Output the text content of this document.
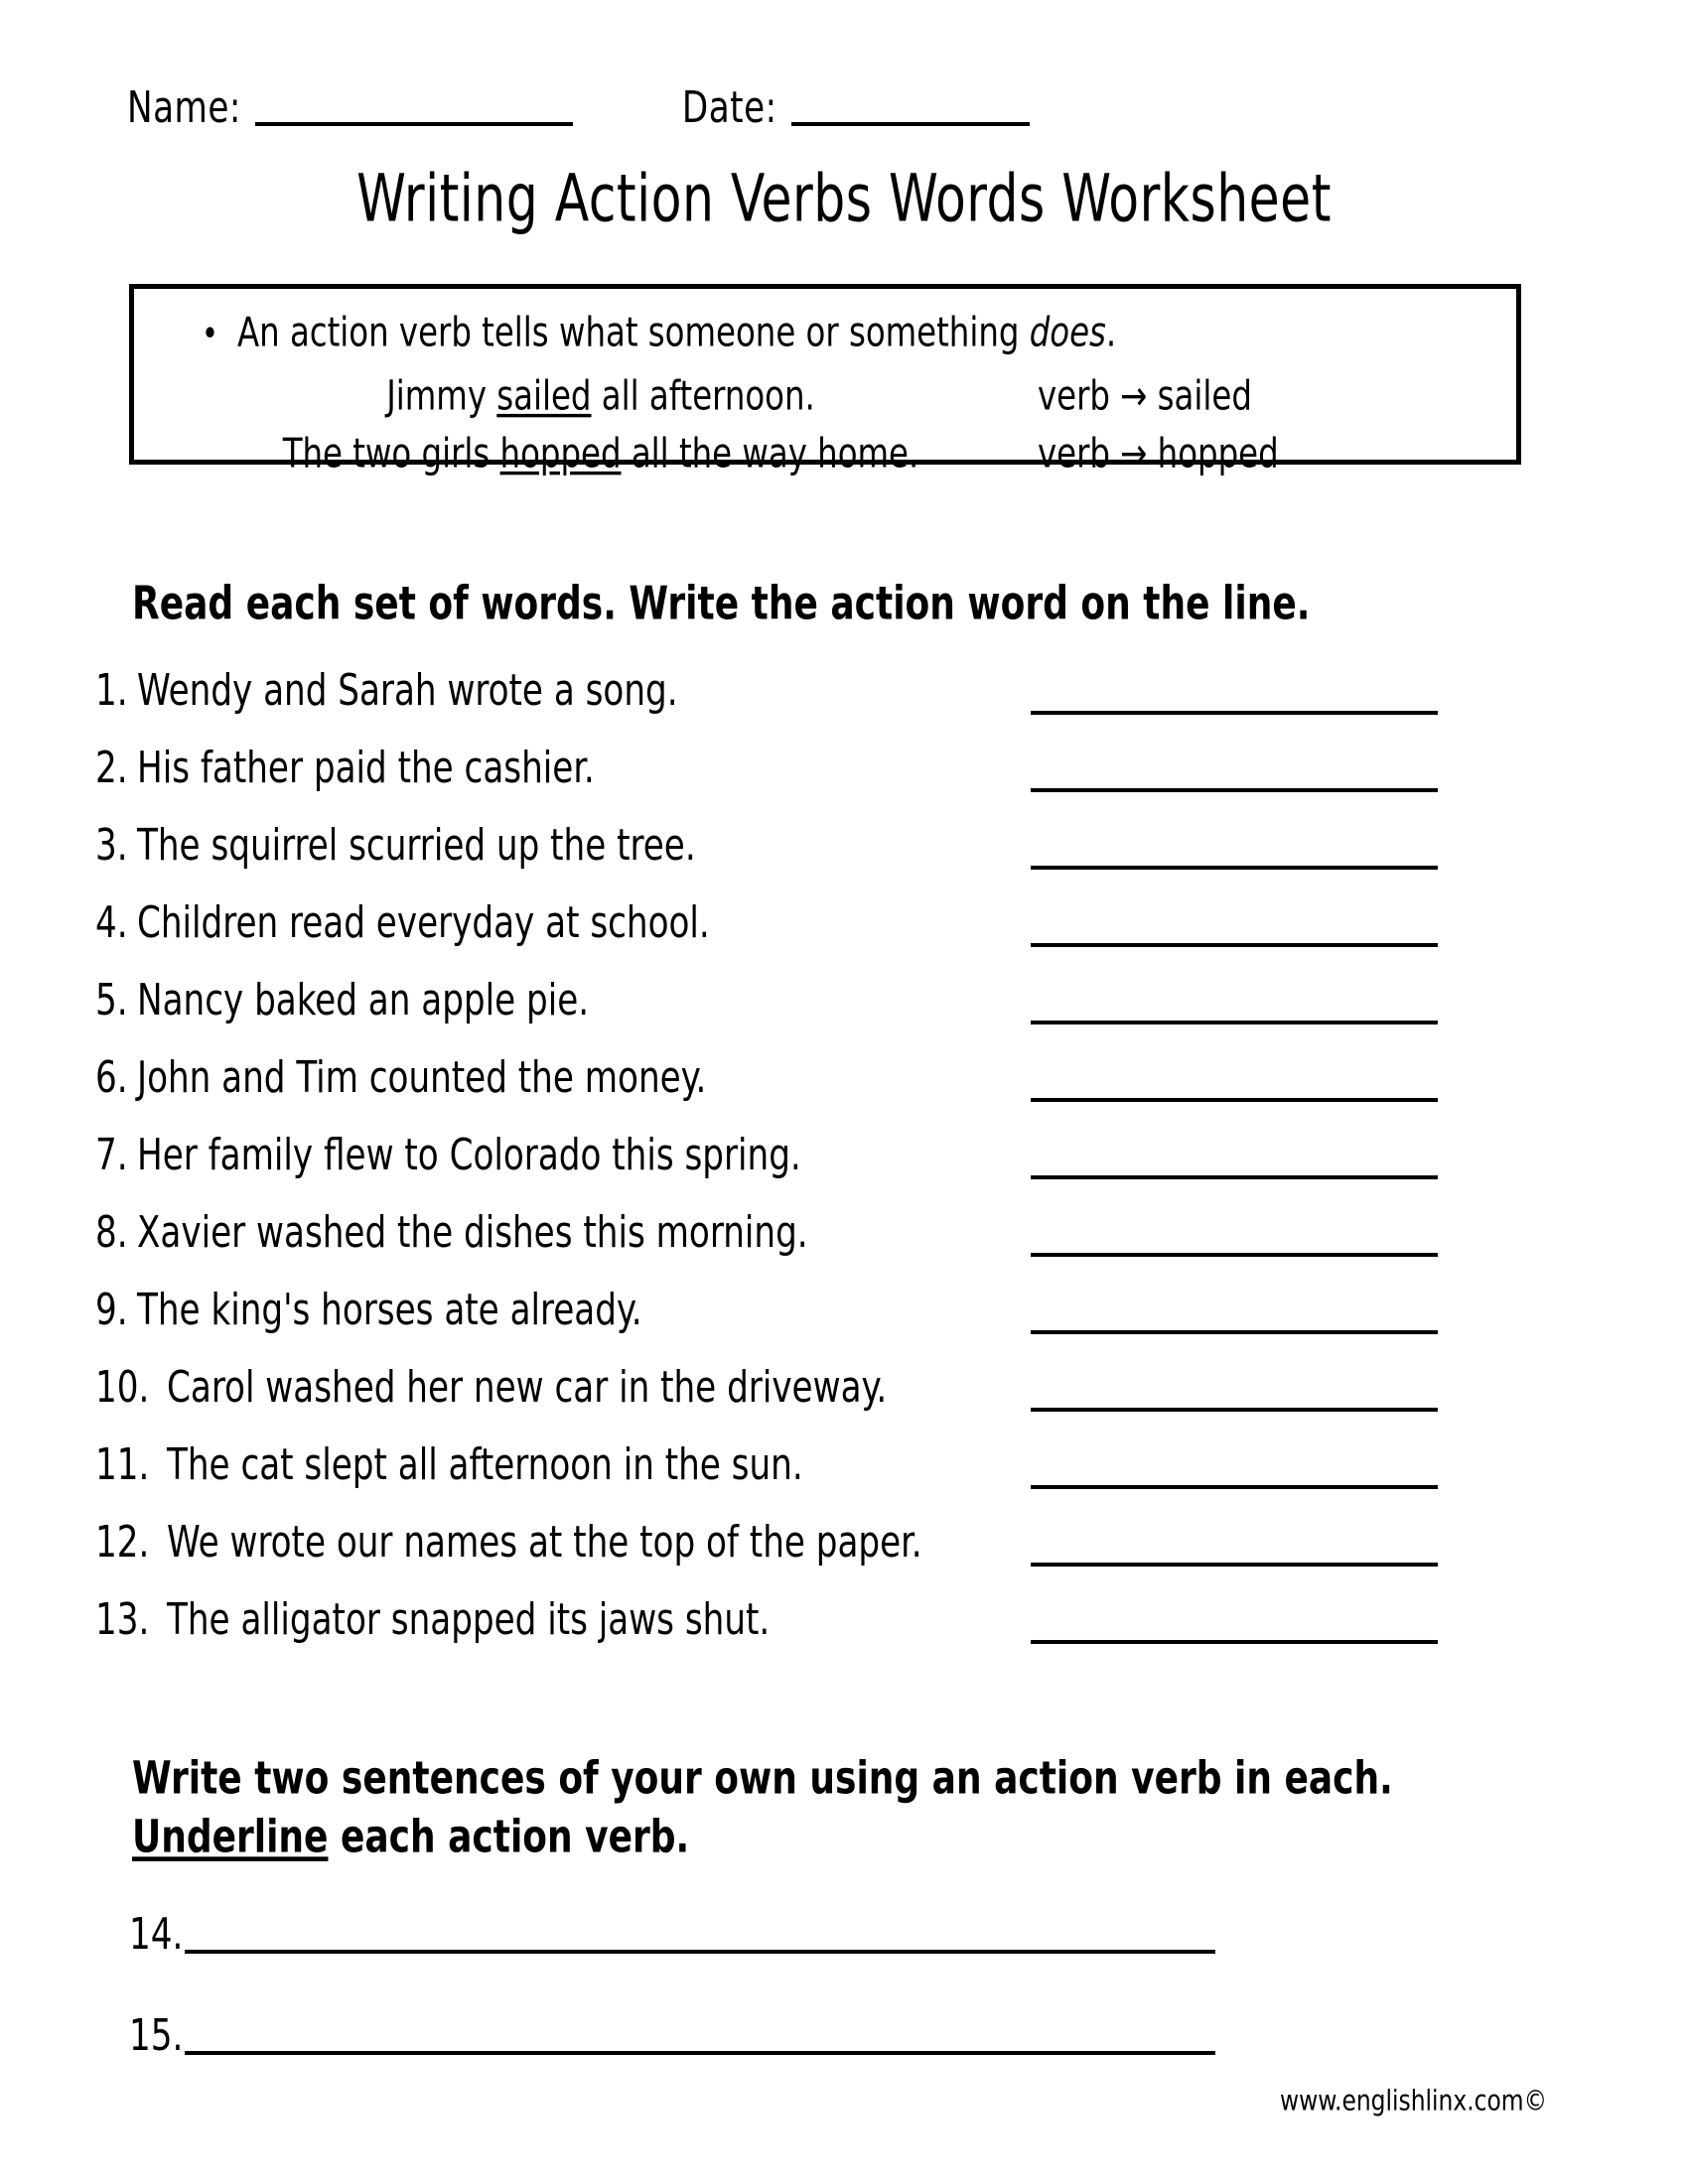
Name:	Date:
Writing Action Verbs Words Worksheet
• An action verb tells what someone or something does.
Jimmy sailed all afternoon.	verb → sailed
The two girls hopped all the way home.	verb → hopped
Read each set of words. Write the action word on the line.
1. Wendy and Sarah wrote a song.
2. His father paid the cashier.
3. The squirrel scurried up the tree.
4. Children read everyday at school.
5. Nancy baked an apple pie.
6. John and Tim counted the money.
7. Her family flew to Colorado this spring.
8. Xavier washed the dishes this morning.
9. The king's horses ate already.
10. Carol washed her new car in the driveway.
11. The cat slept all afternoon in the sun.
12. We wrote our names at the top of the paper.
13. The alligator snapped its jaws shut.
Write two sentences of your own using an action verb in each. Underline each action verb.
14.
15.
www.englishlinx.com©
